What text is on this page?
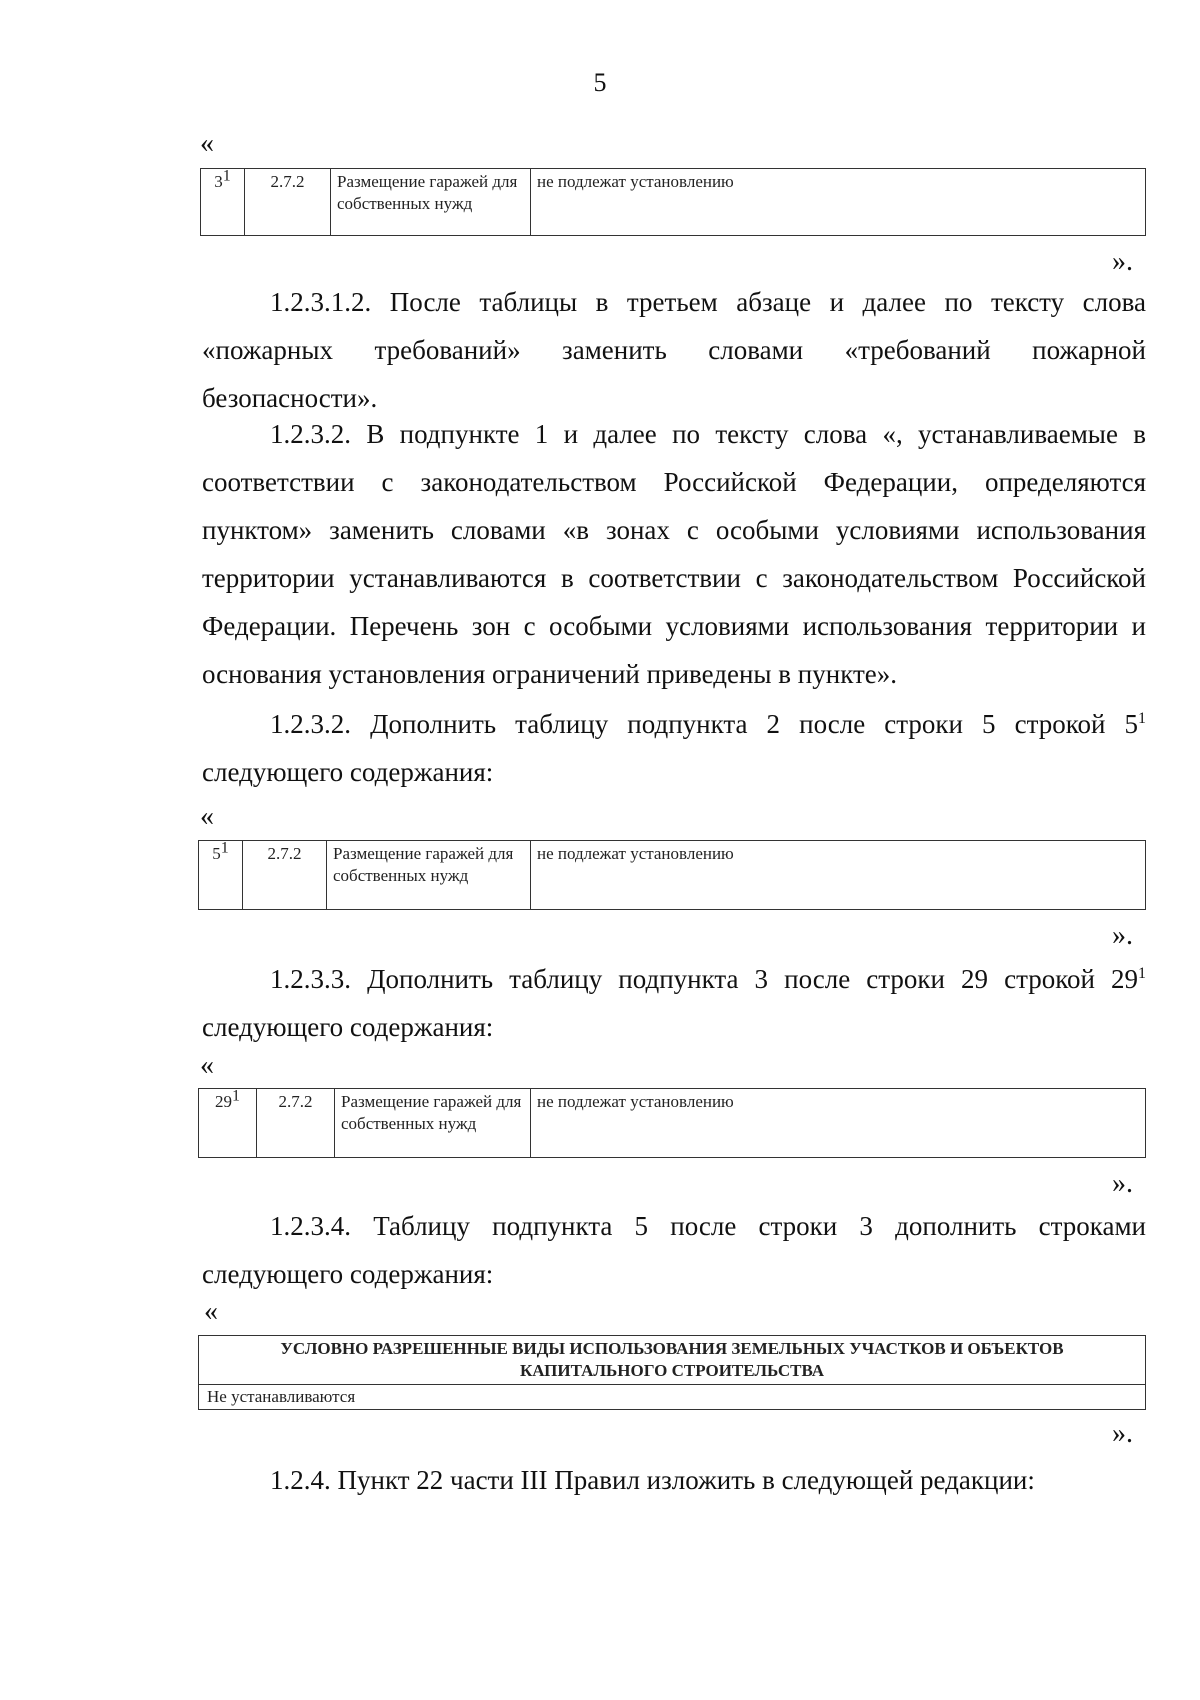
5
«
$3^1$	2.7.2	Размещение гаражей для собственных нужд	не подлежат установлению
».
1.2.3.1.2. После таблицы в третьем абзаце и далее по тексту слова «пожарных требований» заменить словами «требований пожарной безопасности».
1.2.3.2. В подпункте 1 и далее по тексту слова «, устанавливаемые в соответствии с законодательством Российской Федерации, определяются пунктом» заменить словами «в зонах с особыми условиями использования территории устанавливаются в соответствии с законодательством Российской Федерации. Перечень зон с особыми условиями использования территории и основания установления ограничений приведены в пункте».
1.2.3.2. Дополнить таблицу подпункта 2 после строки 5 строкой $5^1$ следующего содержания:
«
$5^1$	2.7.2	Размещение гаражей для собственных нужд	не подлежат установлению
».
1.2.3.3. Дополнить таблицу подпункта 3 после строки 29 строкой $29^1$ следующего содержания:
«
$29^1$	2.7.2	Размещение гаражей для собственных нужд	не подлежат установлению
».
1.2.3.4. Таблицу подпункта 5 после строки 3 дополнить строками следующего содержания:
«
УСЛОВНО РАЗРЕШЕННЫЕ ВИДЫ ИСПОЛЬЗОВАНИЯ ЗЕМЕЛЬНЫХ УЧАСТКОВ И ОБЪЕКТОВ КАПИТАЛЬНОГО СТРОИТЕЛЬСТВА
Не устанавливаются
».
1.2.4. Пункт 22 части III Правил изложить в следующей редакции:
